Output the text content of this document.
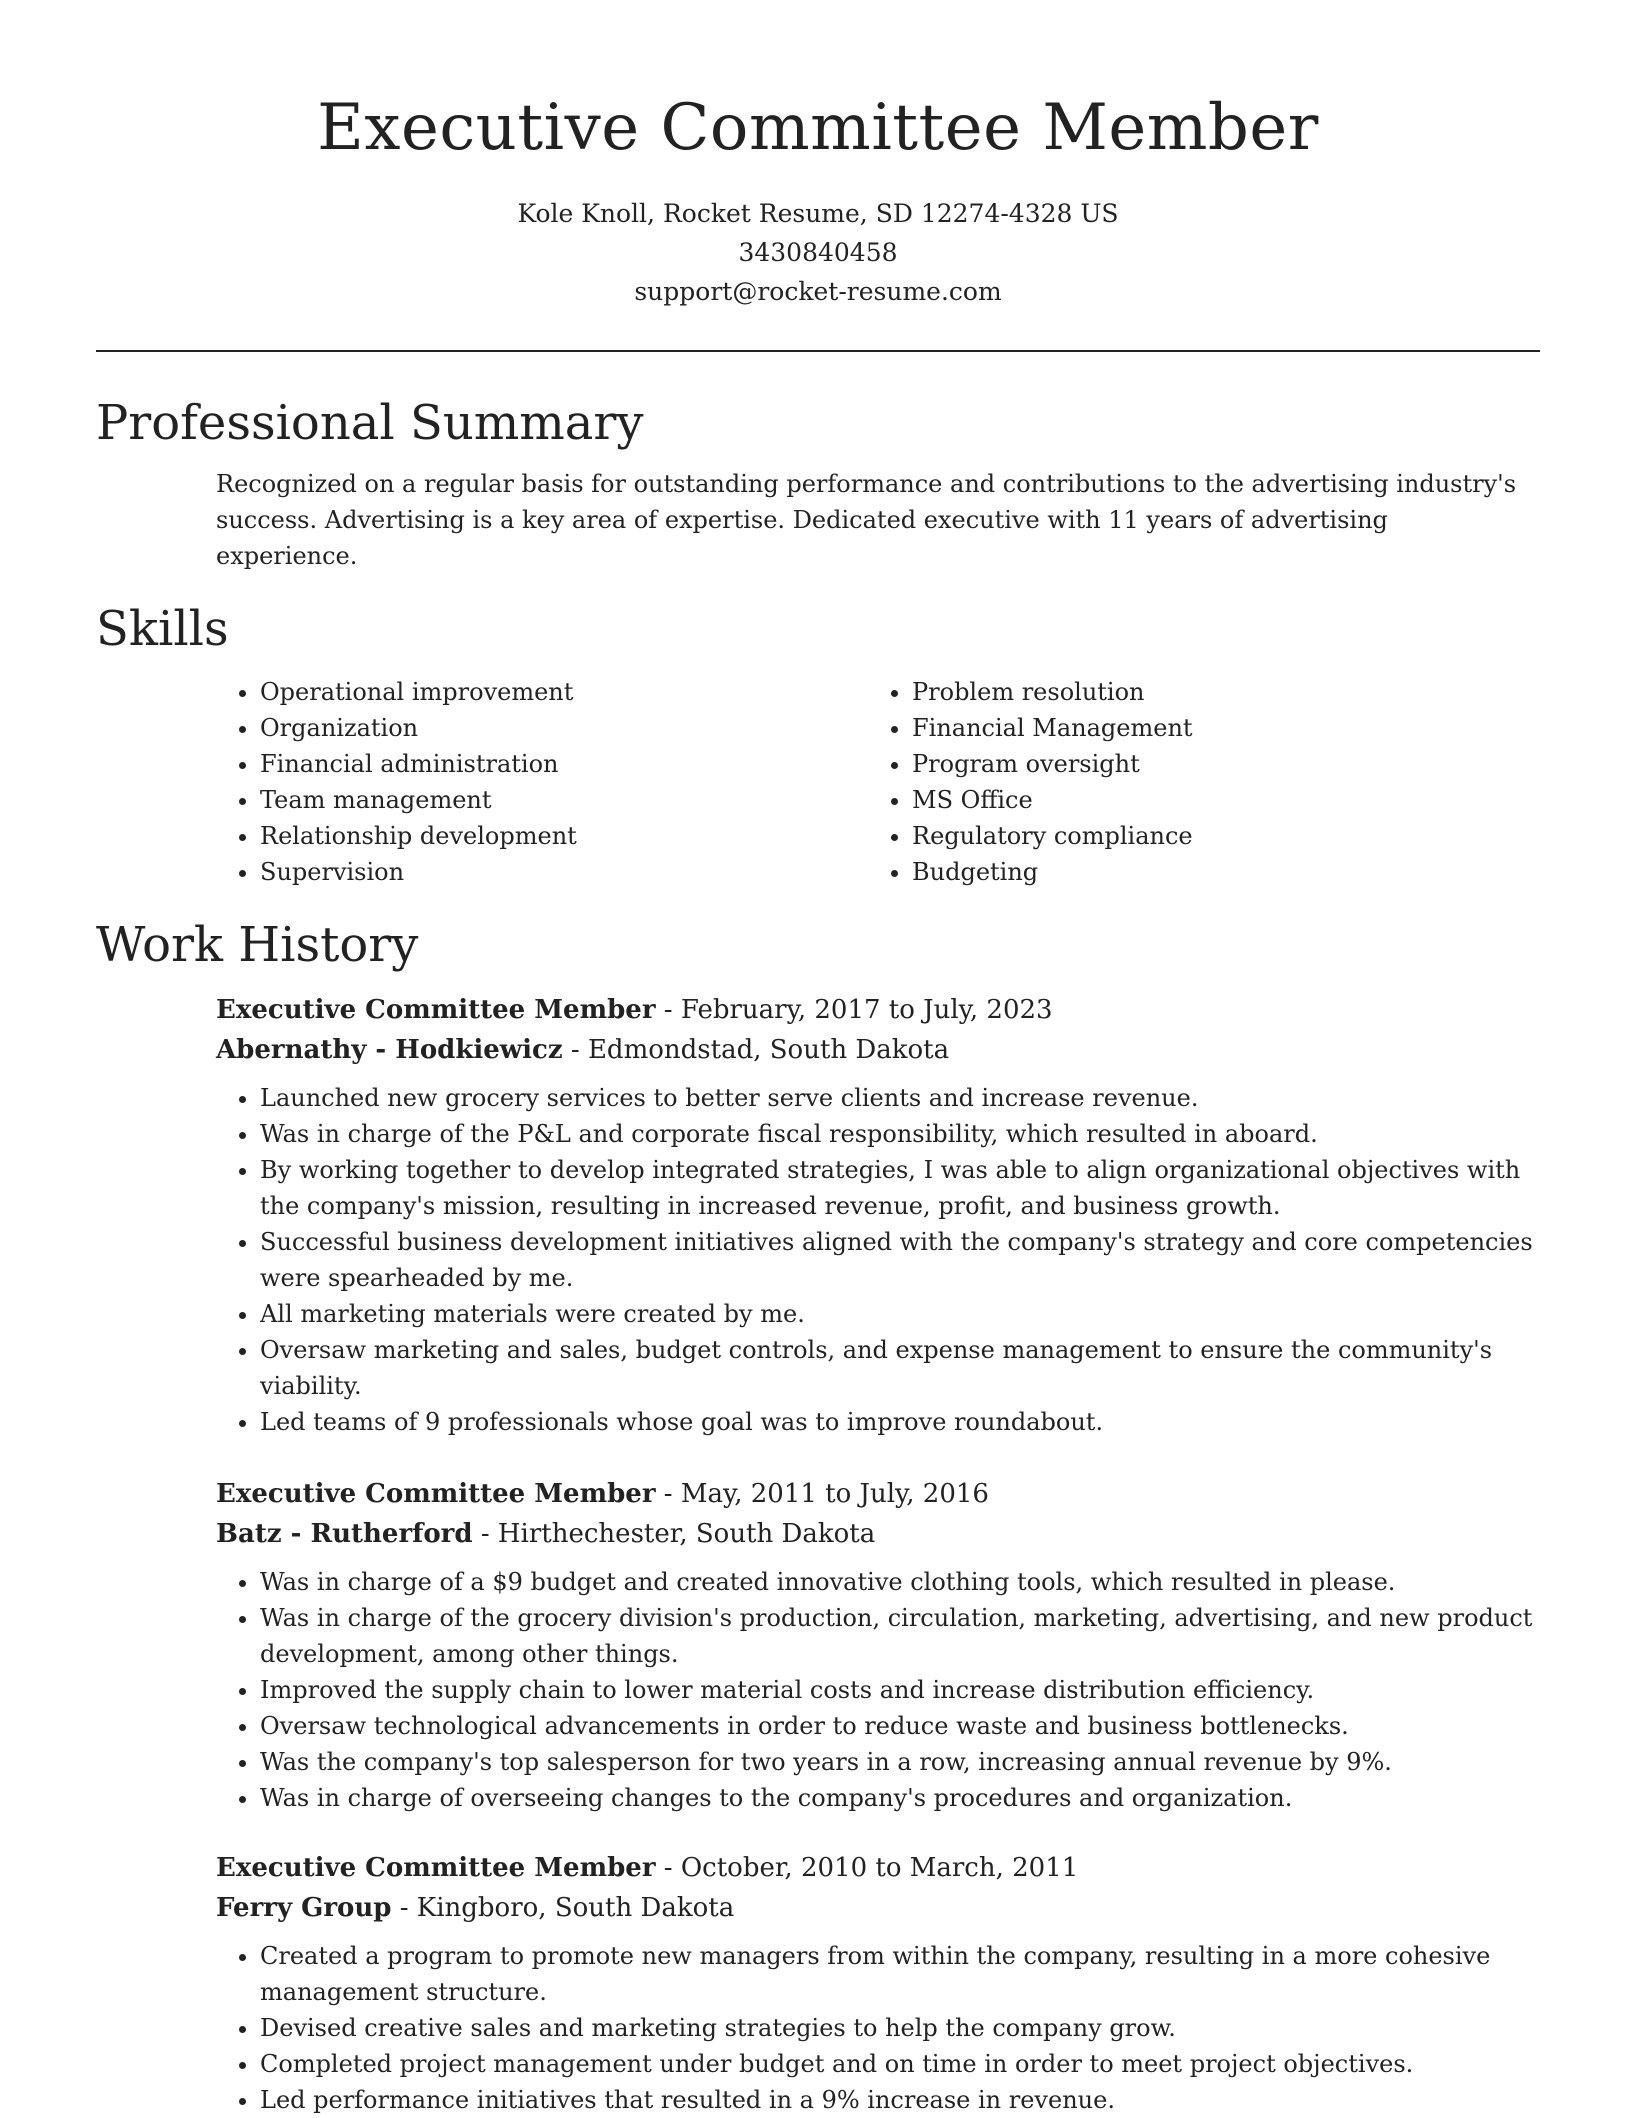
Executive Committee Member

Kole Knoll, Rocket Resume, SD 12274-4328 US

3430840458

support@rocket-resume.com

Professional Summary

Recognized on a regular basis for outstanding performance and contributions to the advertising industry's success. Advertising is a key area of expertise. Dedicated executive with 11 years of advertising experience.

Skills
• Operational improvement
• Organization
• Financial administration
• Team management
• Relationship development
• Supervision
• Problem resolution
• Financial Management
• Program oversight
• MS Office
• Regulatory compliance
• Budgeting
Work History

Executive Committee Member - February, 2017 to July, 2023

Abernathy - Hodkiewicz - Edmondstad, South Dakota

• Launched new grocery services to better serve clients and increase revenue.
• Was in charge of the P&L and corporate fiscal responsibility, which resulted in aboard.
• By working together to develop integrated strategies, I was able to align organizational objectives with the company's mission, resulting in increased revenue, profit, and business growth.
• Successful business development initiatives aligned with the company's strategy and core competencies were spearheaded by me.
• All marketing materials were created by me.
• Oversaw marketing and sales, budget controls, and expense management to ensure the community's viability.
• Led teams of 9 professionals whose goal was to improve roundabout.

Executive Committee Member - May, 2011 to July, 2016

Batz - Rutherford - Hirthechester, South Dakota

• Was in charge of a $9 budget and created innovative clothing tools, which resulted in please.
• Was in charge of the grocery division's production, circulation, marketing, advertising, and new product development, among other things.
• Improved the supply chain to lower material costs and increase distribution efficiency.
• Oversaw technological advancements in order to reduce waste and business bottlenecks.
• Was the company's top salesperson for two years in a row, increasing annual revenue by 9%.
• Was in charge of overseeing changes to the company's procedures and organization.

Executive Committee Member - October, 2010 to March, 2011

Ferry Group - Kingboro, South Dakota

• Created a program to promote new managers from within the company, resulting in a more cohesive management structure.
• Devised creative sales and marketing strategies to help the company grow.
• Completed project management under budget and on time in order to meet project objectives.
• Led performance initiatives that resulted in a 9% increase in revenue.
